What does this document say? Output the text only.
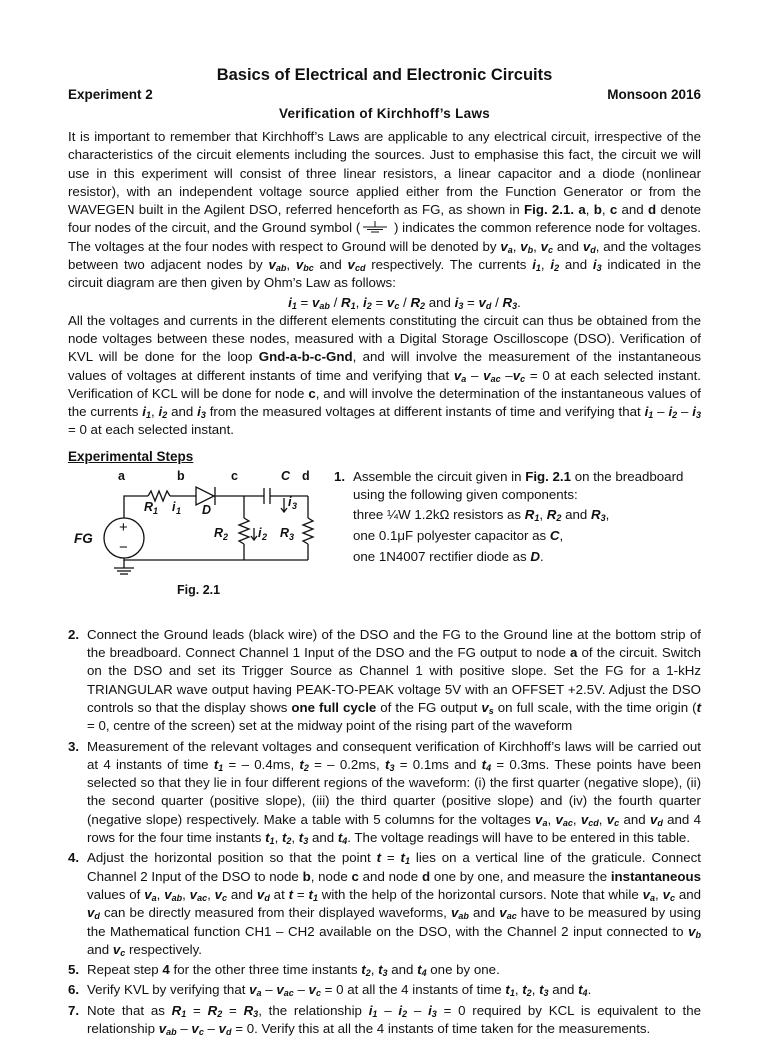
Basics of Electrical and Electronic Circuits
Experiment 2	Monsoon 2016
Verification of Kirchhoff’s Laws

It is important to remember that Kirchhoff’s Laws are applicable to any electrical circuit, irrespective of the characteristics of the circuit elements including the sources. Just to emphasise this fact, the circuit we will use in this experiment will consist of three linear resistors, a linear capacitor and a diode (nonlinear resistor), with an independent voltage source applied either from the Function Generator or from the WAVEGEN built in the Agilent DSO, referred henceforth as FG, as shown in Fig. 2.1. a, b, c and d denote four nodes of the circuit, and the Ground symbol ( ) indicates the common reference node for voltages. The voltages at the four nodes with respect to Ground will be denoted by $v_a$, $v_b$, $v_c$ and $v_d$, and the voltages between two adjacent nodes by $v_{ab}$, $v_{bc}$ and $v_{cd}$ respectively. The currents $i_1$, $i_2$ and $i_3$ indicated in the circuit diagram are then given by Ohm’s Law as follows:

$i_1 = v_{ab} / R_1$, $i_2 = v_c / R_2$ and $i_3 = v_d / R_3$.

All the voltages and currents in the different elements constituting the circuit can thus be obtained from the node voltages between these nodes, measured with a Digital Storage Oscilloscope (DSO). Verification of KVL will be done for the loop Gnd-a-b-c-Gnd, and will involve the measurement of the instantaneous values of voltages at different instants of time and verifying that $v_a - v_{ac}$ $-v_c = 0$ at each selected instant. Verification of KCL will be done for node c, and will involve the determination of the instantaneous values of the currents $i_1$, $i_2$ and $i_3$ from the measured voltages at different instants of time and verifying that $i_1 - i_2 - i_3 = 0$ at each selected instant.

Experimental Steps
a	b	c	C d
R 1 i 1 D
R 2 i 2 R 3
i 3
FG
+
−
Fig. 2.1
1. Assemble the circuit given in Fig. 2.1 on the breadboard using the following given components:
three ¼W 1.2kΩ resistors as $R_1$, $R_2$ and $R_3$,
one 0.1μF polyester capacitor as C,
one 1N4007 rectifier diode as D.
2. Connect the Ground leads (black wire) of the DSO and the FG to the Ground line at the bottom strip of the breadboard. Connect Channel 1 Input of the DSO and the FG output to node a of the circuit. Switch on the DSO and set its Trigger Source as Channel 1 with positive slope. Set the FG for a 1-kHz TRIANGULAR wave output having PEAK-TO-PEAK voltage 5V with an OFFSET +2.5V. Adjust the DSO controls so that the display shows one full cycle of the FG output $v_s$ on full scale, with the time origin (t = 0, centre of the screen) set at the midway point of the rising part of the waveform
3. Measurement of the relevant voltages and consequent verification of Kirchhoff’s laws will be carried out at 4 instants of time $t_1$ = – 0.4ms, $t_2$ = – 0.2ms, $t_3 = 0.1ms$ and $t_4 = 0.3ms$. These points have been selected so that they lie in four different regions of the waveform: (i) the first quarter (negative slope), (ii) the second quarter (positive slope), (iii) the third quarter (positive slope) and (iv) the fourth quarter (negative slope) respectively. Make a table with 5 columns for the voltages $v_a$, $v_{ac}$, $v_{cd}$, $v_c$ and $v_d$ and 4 rows for the four time instants $t_1$, $t_2$, $t_3$ and $t_4$. The voltage readings will have to be entered in this table.
4. Adjust the horizontal position so that the point $t = t_1$ lies on a vertical line of the graticule. Connect Channel 2 Input of the DSO to node b, node c and node d one by one, and measure the instantaneous values of $v_a$, $v_{ab}$, $v_{ac}$, $v_c$ and $v_d$ at $t = t_1$ with the help of the horizontal cursors. Note that while $v_a$, $v_c$ and $v_d$ can be directly measured from their displayed waveforms, $v_{ab}$ and $v_{ac}$ have to be measured by using the Mathematical function CH1 – CH2 available on the DSO, with the Channel 2 input connected to $v_b$ and $v_c$ respectively.
5. Repeat step 4 for the other three time instants $t_2$, $t_3$ and $t_4$ one by one.
6. Verify KVL by verifying that $v_a - v_{ac} - v_c = 0$ at all the 4 instants of time $t_1$, $t_2$, $t_3$ and $t_4$.
7. Note that as $R_1 = R_2 = R_3$, the relationship $i_1 - i_2 - i_3 = 0$ required by KCL is equivalent to the relationship $v_{ab} - v_c - v_d = 0$. Verify this at all the 4 instants of time taken for the measurements.
